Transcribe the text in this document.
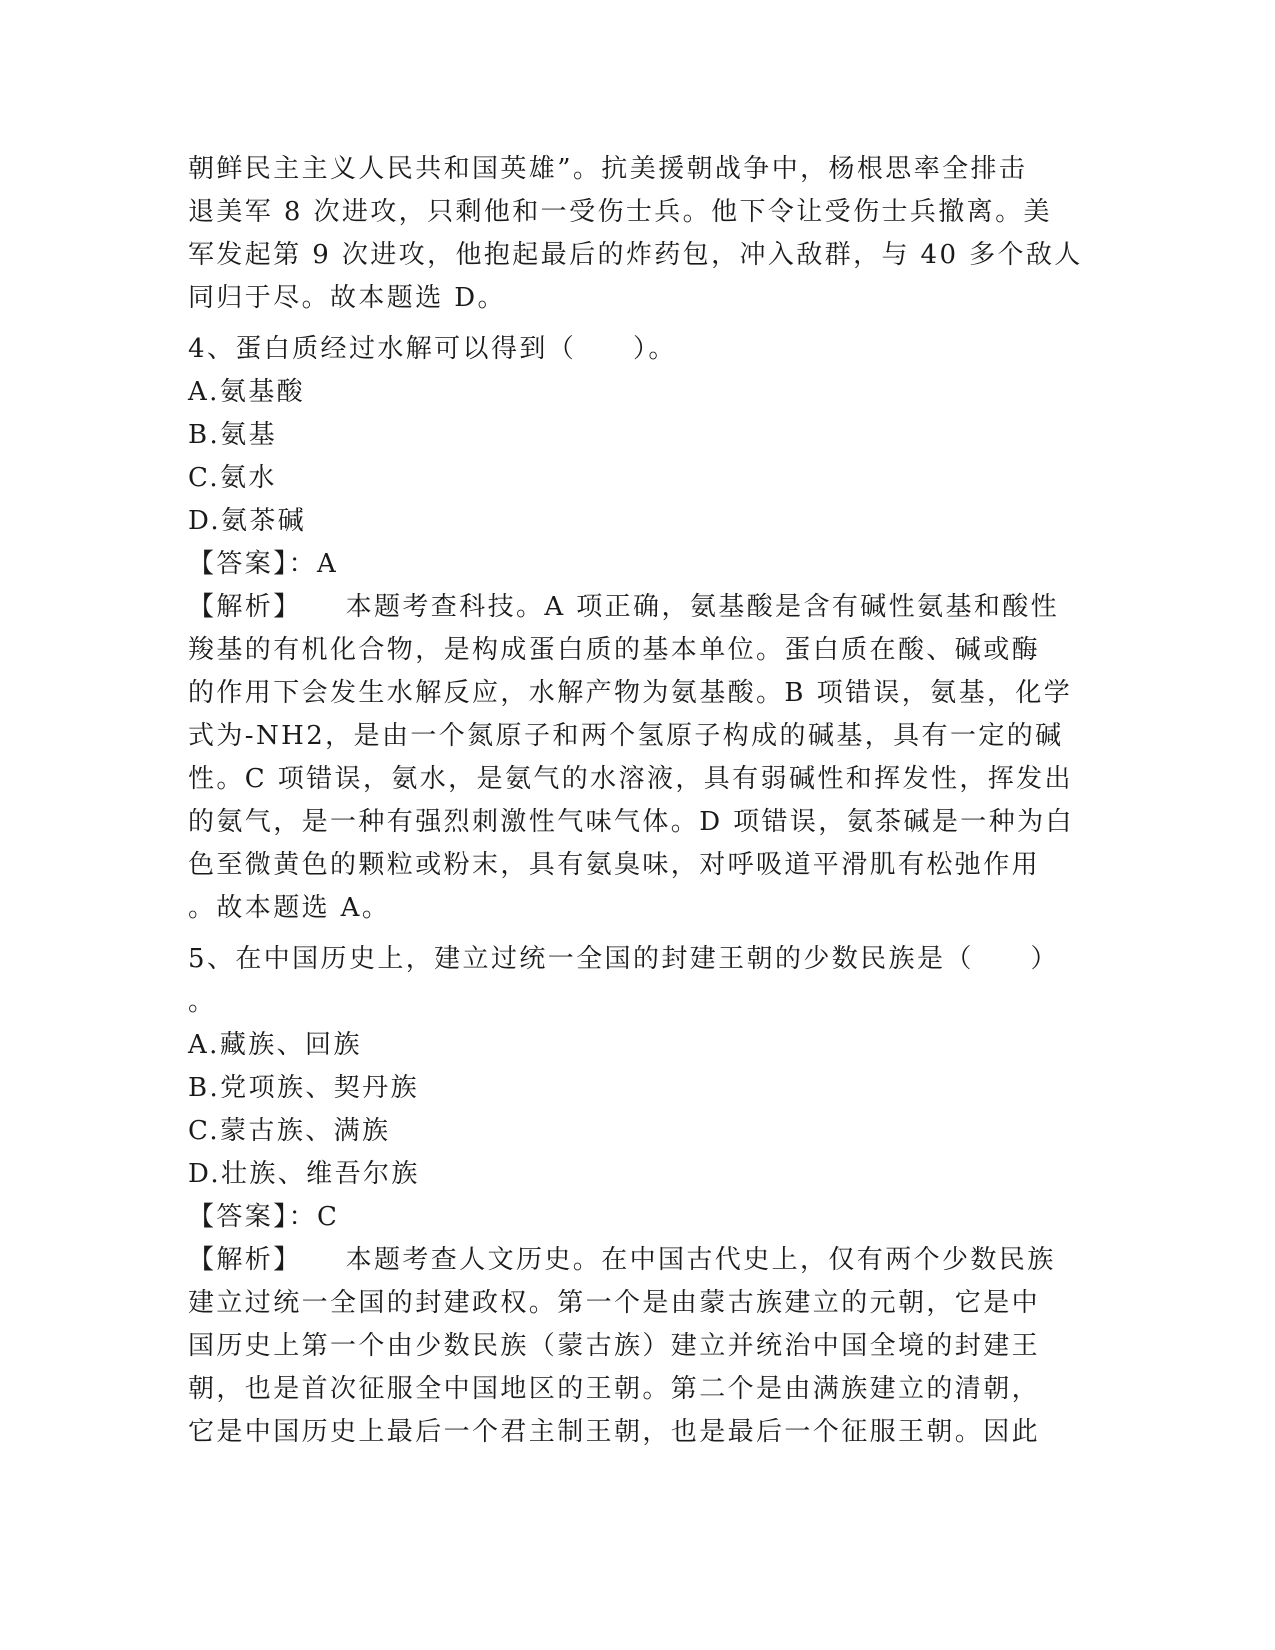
朝鲜民主主义人民共和国英雄”。抗美援朝战争中，杨根思率全排击
退美军 8 次进攻，只剩他和一受伤士兵。他下令让受伤士兵撤离。美
军发起第 9 次进攻，他抱起最后的炸药包，冲入敌群，与 40 多个敌人
同归于尽。故本题选 D。
4、蛋白质经过水解可以得到（　　）。
A.氨基酸
B.氨基
C.氨水
D.氨茶碱
【答案】：A
【解析】 本题考查科技。A 项正确，氨基酸是含有碱性氨基和酸性
羧基的有机化合物，是构成蛋白质的基本单位。蛋白质在酸、碱或酶
的作用下会发生水解反应，水解产物为氨基酸。B 项错误，氨基，化学
式为-NH2，是由一个氮原子和两个氢原子构成的碱基，具有一定的碱
性。C 项错误，氨水，是氨气的水溶液，具有弱碱性和挥发性，挥发出
的氨气，是一种有强烈刺激性气味气体。D 项错误，氨茶碱是一种为白
色至微黄色的颗粒或粉末，具有氨臭味，对呼吸道平滑肌有松弛作用
。故本题选 A。
5、在中国历史上，建立过统一全国的封建王朝的少数民族是（　　）
。
A.藏族、回族
B.党项族、契丹族
C.蒙古族、满族
D.壮族、维吾尔族
【答案】：C
【解析】 本题考查人文历史。在中国古代史上，仅有两个少数民族
建立过统一全国的封建政权。第一个是由蒙古族建立的元朝，它是中
国历史上第一个由少数民族（蒙古族）建立并统治中国全境的封建王
朝，也是首次征服全中国地区的王朝。第二个是由满族建立的清朝，
它是中国历史上最后一个君主制王朝，也是最后一个征服王朝。因此
